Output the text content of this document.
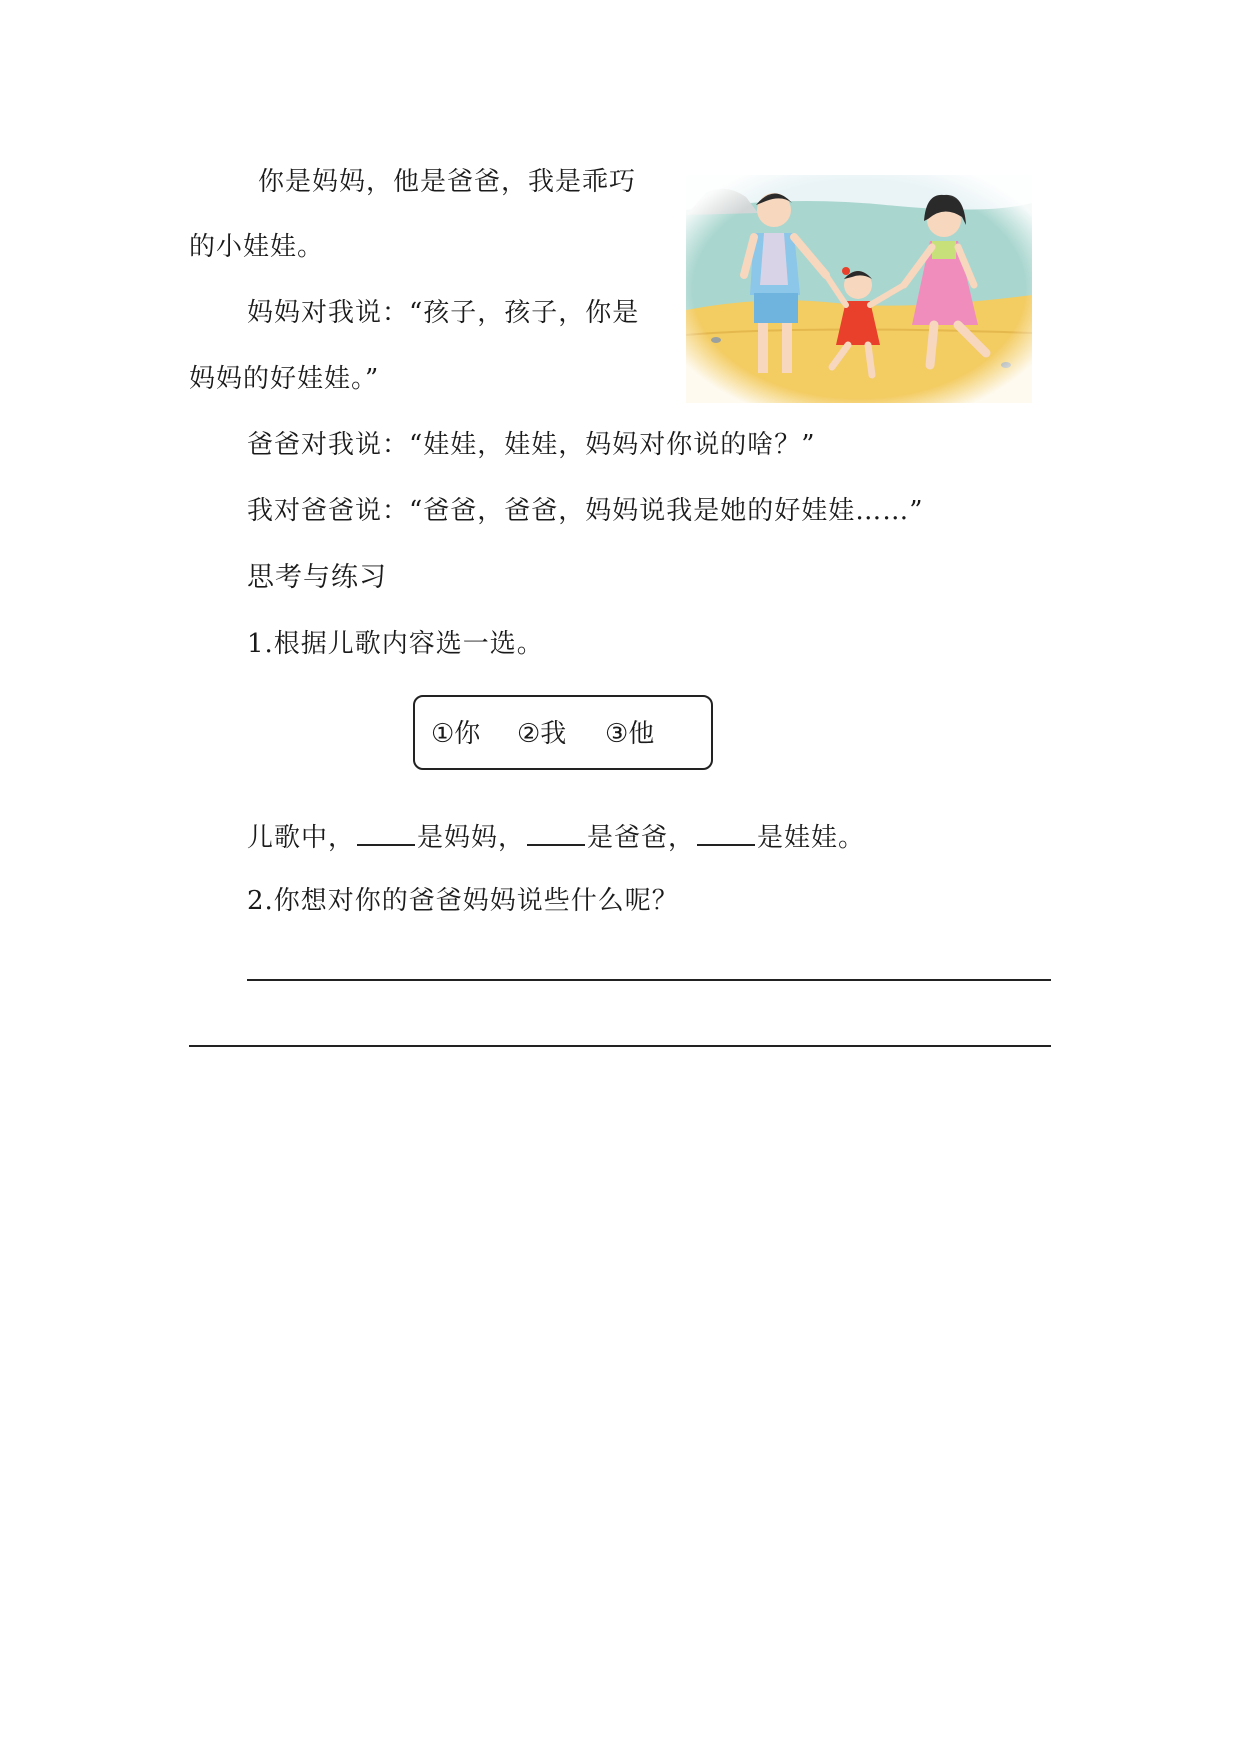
你是妈妈，他是爸爸，我是乖巧
的小娃娃。
妈妈对我说：“孩子，孩子，你是
妈妈的好娃娃。”
爸爸对我说：“娃娃，娃娃，妈妈对你说的啥？”
我对爸爸说：“爸爸，爸爸，妈妈说我是她的好娃娃……”
思考与练习
1.根据儿歌内容选一选。
①你 ②我 ③他
儿歌中， 是妈妈， 是爸爸， 是娃娃。
2.你想对你的爸爸妈妈说些什么呢？
